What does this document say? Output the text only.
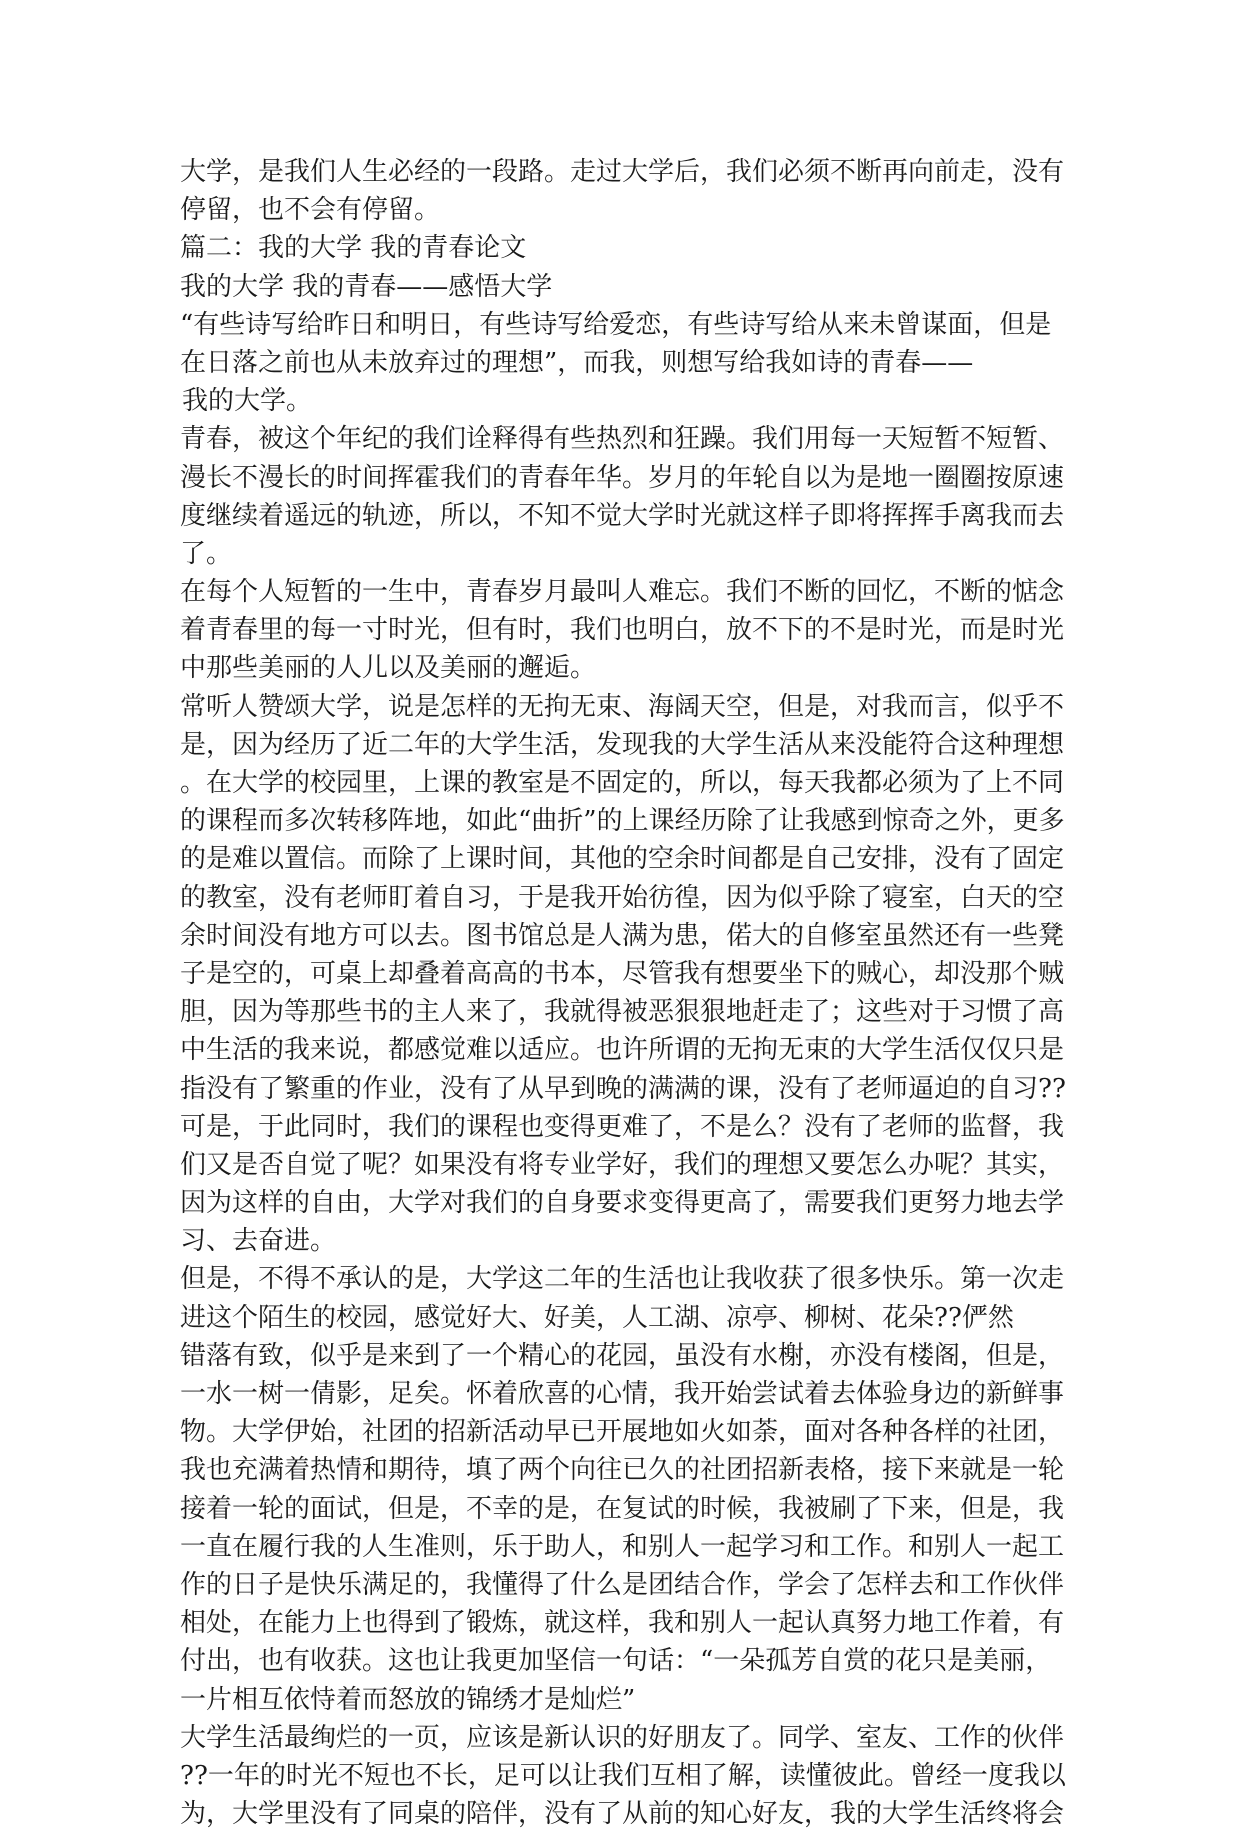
大学，是我们人生必经的一段路。走过大学后，我们必须不断再向前走，没有
停留，也不会有停留。
篇二：我的大学 我的青春论文
我的大学 我的青春——感悟大学
“有些诗写给昨日和明日，有些诗写给爱恋，有些诗写给从来未曾谋面，但是
在日落之前也从未放弃过的理想”，而我，则想写给我如诗的青春——
我的大学。
青春，被这个年纪的我们诠释得有些热烈和狂躁。我们用每一天短暂不短暂、
漫长不漫长的时间挥霍我们的青春年华。岁月的年轮自以为是地一圈圈按原速
度继续着遥远的轨迹，所以，不知不觉大学时光就这样子即将挥挥手离我而去
了。
在每个人短暂的一生中，青春岁月最叫人难忘。我们不断的回忆，不断的惦念
着青春里的每一寸时光，但有时，我们也明白，放不下的不是时光，而是时光
中那些美丽的人儿以及美丽的邂逅。
常听人赞颂大学，说是怎样的无拘无束、海阔天空，但是，对我而言，似乎不
是，因为经历了近二年的大学生活，发现我的大学生活从来没能符合这种理想
。在大学的校园里，上课的教室是不固定的，所以，每天我都必须为了上不同
的课程而多次转移阵地，如此“曲折”的上课经历除了让我感到惊奇之外，更多
的是难以置信。而除了上课时间，其他的空余时间都是自己安排，没有了固定
的教室，没有老师盯着自习，于是我开始彷徨，因为似乎除了寝室，白天的空
余时间没有地方可以去。图书馆总是人满为患，偌大的自修室虽然还有一些凳
子是空的，可桌上却叠着高高的书本，尽管我有想要坐下的贼心，却没那个贼
胆，因为等那些书的主人来了，我就得被恶狠狠地赶走了；这些对于习惯了高
中生活的我来说，都感觉难以适应。也许所谓的无拘无束的大学生活仅仅只是
指没有了繁重的作业，没有了从早到晚的满满的课，没有了老师逼迫的自习??
可是，于此同时，我们的课程也变得更难了，不是么？没有了老师的监督，我
们又是否自觉了呢？如果没有将专业学好，我们的理想又要怎么办呢？其实，
因为这样的自由，大学对我们的自身要求变得更高了，需要我们更努力地去学
习、去奋进。
但是，不得不承认的是，大学这二年的生活也让我收获了很多快乐。第一次走
进这个陌生的校园，感觉好大、好美，人工湖、凉亭、柳树、花朵??俨然
错落有致，似乎是来到了一个精心的花园，虽没有水榭，亦没有楼阁，但是，
一水一树一倩影，足矣。怀着欣喜的心情，我开始尝试着去体验身边的新鲜事
物。大学伊始，社团的招新活动早已开展地如火如荼，面对各种各样的社团，
我也充满着热情和期待，填了两个向往已久的社团招新表格，接下来就是一轮
接着一轮的面试，但是，不幸的是，在复试的时候，我被刷了下来，但是，我
一直在履行我的人生准则，乐于助人，和别人一起学习和工作。和别人一起工
作的日子是快乐满足的，我懂得了什么是团结合作，学会了怎样去和工作伙伴
相处，在能力上也得到了锻炼，就这样，我和别人一起认真努力地工作着，有
付出，也有收获。这也让我更加坚信一句话：“一朵孤芳自赏的花只是美丽，
一片相互依恃着而怒放的锦绣才是灿烂”
大学生活最绚烂的一页，应该是新认识的好朋友了。同学、室友、工作的伙伴
??一年的时光不短也不长，足可以让我们互相了解，读懂彼此。曾经一度我以
为，大学里没有了同桌的陪伴，没有了从前的知心好友，我的大学生活终将会
